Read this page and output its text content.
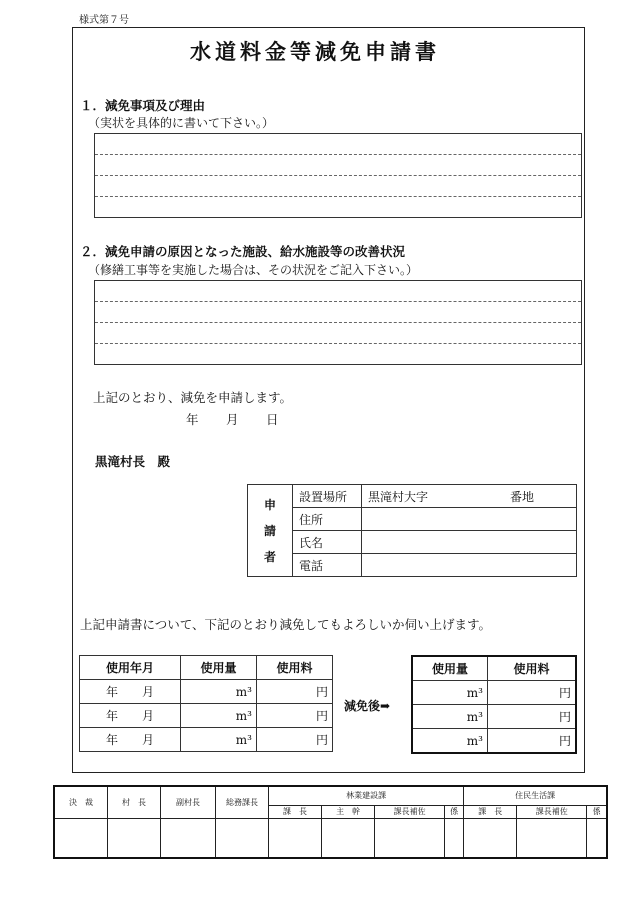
様式第７号
水道料金等減免申請書
１．減免事項及び理由
（実状を具体的に書いて下さい。）
２．減免申請の原因となった施設、給水施設等の改善状況
（修繕工事等を実施した場合は、その状況をご記入下さい。）
上記のとおり、減免を申請します。
年 月 日
黒滝村長　殿
申
請
者	設置場所	黒滝村大字 番地

	住所	
	氏名	
	電話	
上記申請書について、下記のとおり減免してもよろしいか伺い上げます。
使用年月	使用量	使用料
年　　 月	m³	円
年　　 月	m³	円
年　　 月	m³	円
減免後➡
使用量	使用料
m³	円
m³	円
m³	円
決　裁	村　長	副村長	総務課長	林業建設課				住民生活課		
				課　長	主　幹	課長補佐	係	課　長	課長補佐	係
